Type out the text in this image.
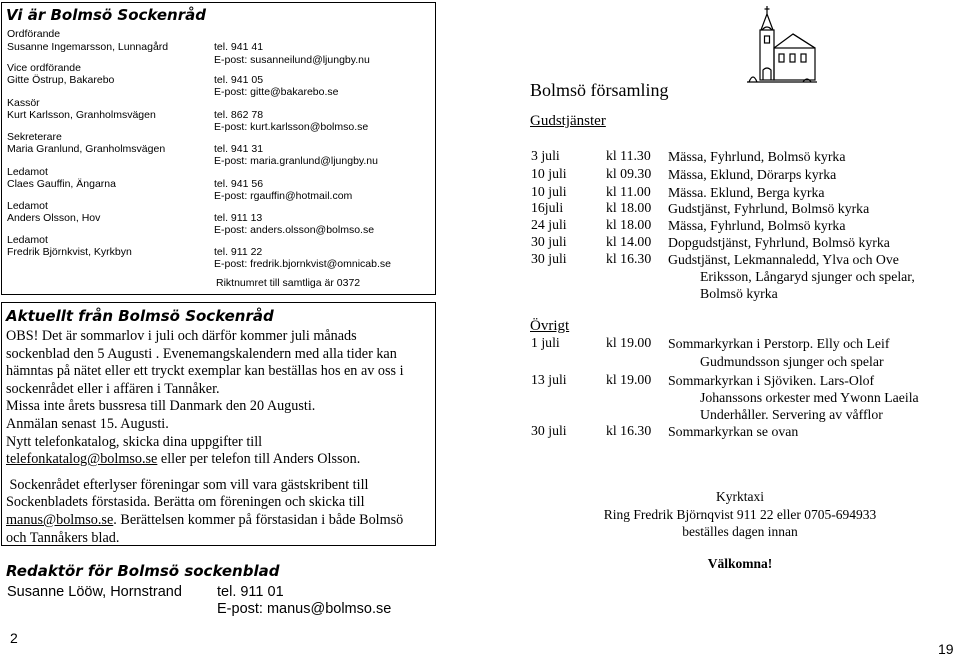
Vi är Bolmsö Sockenråd
Ordförande
Susanne Ingemarsson, Lunnagård	tel. 941 41
E-post: susanneilund@ljungby.nu
Vice ordförande
Gitte Östrup, Bakarebo	tel. 941 05
E-post: gitte@bakarebo.se
Kassör
Kurt Karlsson, Granholmsvägen	tel. 862 78
E-post: kurt.karlsson@bolmso.se
Sekreterare
Maria Granlund, Granholmsvägen	tel. 941 31
E-post: maria.granlund@ljungby.nu
Ledamot
Claes Gauffin, Ängarna	tel. 941 56
E-post: rgauffin@hotmail.com
Ledamot
Anders Olsson, Hov	tel. 911 13
E-post: anders.olsson@bolmso.se
Ledamot
Fredrik Björnkvist, Kyrkbyn	tel. 911 22
E-post: fredrik.bjornkvist@omnicab.se
Riktnumret till samtliga är 0372
Aktuellt från Bolmsö Sockenråd
OBS! Det är sommarlov i juli och därför kommer juli månads
sockenblad den 5 Augusti . Evenemangskalendern med alla tider kan
hämntas på nätet eller ett tryckt exemplar kan beställas hos en av oss i
sockenrådet eller i affären i Tannåker.
Missa inte årets bussresa till Danmark den 20 Augusti.
Anmälan senast 15. Augusti.
Nytt telefonkatalog, skicka dina uppgifter till
telefonkatalog@bolmso.se eller per telefon till Anders Olsson.
Sockenrådet efterlyser föreningar som vill vara gästskribent till
Sockenbladets förstasida. Berätta om föreningen och skicka till
manus@bolmso.se. Berättelsen kommer på förstasidan i både Bolmsö
och Tannåkers blad.
Redaktör för Bolmsö sockenblad
Susanne Lööw, Hornstrand tel. 911 01
E-post: manus@bolmso.se
2
19
Bolmsö församling
Gudstjänster
3 juli	kl 11.30 Mässa, Fyhrlund, Bolmsö kyrka
10 juli	kl 09.30 Mässa, Eklund, Dörarps kyrka
10 juli	kl 11.00 Mässa. Eklund, Berga kyrka
16juli	kl 18.00 Gudstjänst, Fyhrlund, Bolmsö kyrka
24 juli	kl 18.00 Mässa, Fyhrlund, Bolmsö kyrka
30 juli	kl 14.00 Dopgudstjänst, Fyhrlund, Bolmsö kyrka
30 juli	kl 16.30 Gudstjänst, Lekmannaledd, Ylva och Ove
Eriksson, Långaryd sjunger och spelar,
Bolmsö kyrka
Övrigt
1 juli	kl 19.00 Sommarkyrkan i Perstorp. Elly och Leif
Gudmundsson sjunger och spelar
13 juli	kl 19.00 Sommarkyrkan i Sjöviken. Lars-Olof
Johanssons orkester med Ywonn Laeila
Underhåller. Servering av våfflor
30 juli	kl 16.30 Sommarkyrkan se ovan
Kyrktaxi
Ring Fredrik Björnqvist 911 22 eller 0705-694933
beställes dagen innan
Välkomna!
